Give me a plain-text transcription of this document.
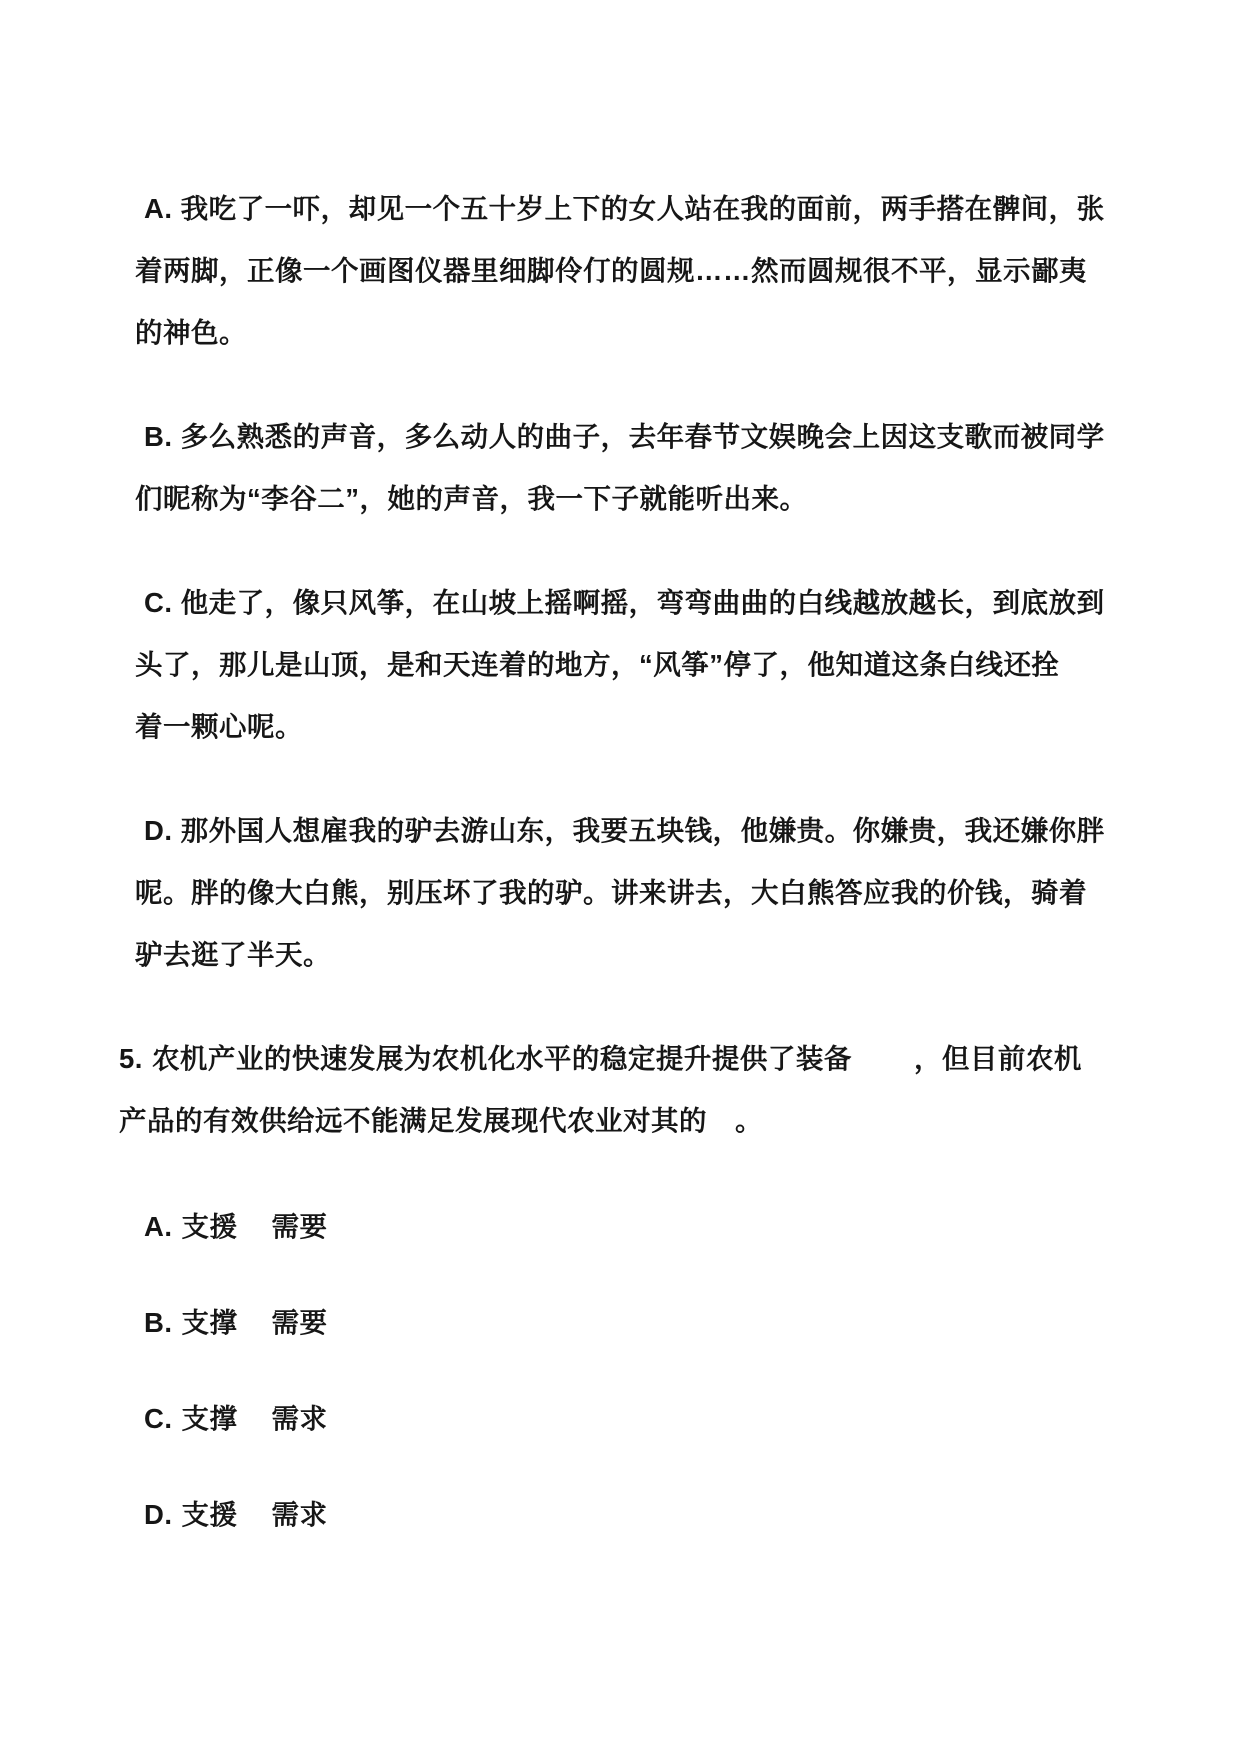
A. 我吃了一吓，却见一个五十岁上下的女人站在我的面前，两手搭在髀间，张
着两脚，正像一个画图仪器里细脚伶仃的圆规……然而圆规很不平，显示鄙夷
的神色。
B. 多么熟悉的声音，多么动人的曲子，去年春节文娱晚会上因这支歌而被同学
们昵称为“李谷二”，她的声音，我一下子就能听出来。
C. 他走了，像只风筝，在山坡上摇啊摇，弯弯曲曲的白线越放越长，到底放到
头了，那儿是山顶，是和天连着的地方，“风筝”停了，他知道这条白线还拴
着一颗心呢。
D. 那外国人想雇我的驴去游山东，我要五块钱，他嫌贵。你嫌贵，我还嫌你胖
呢。胖的像大白熊，别压坏了我的驴。讲来讲去，大白熊答应我的价钱，骑着
驴去逛了半天。
5. 农机产业的快速发展为农机化水平的稳定提升提供了装备 ，但目前农机
产品的有效供给远不能满足发展现代农业对其的 。
A. 支援 需要
B. 支撑 需要
C. 支撑 需求
D. 支援 需求
